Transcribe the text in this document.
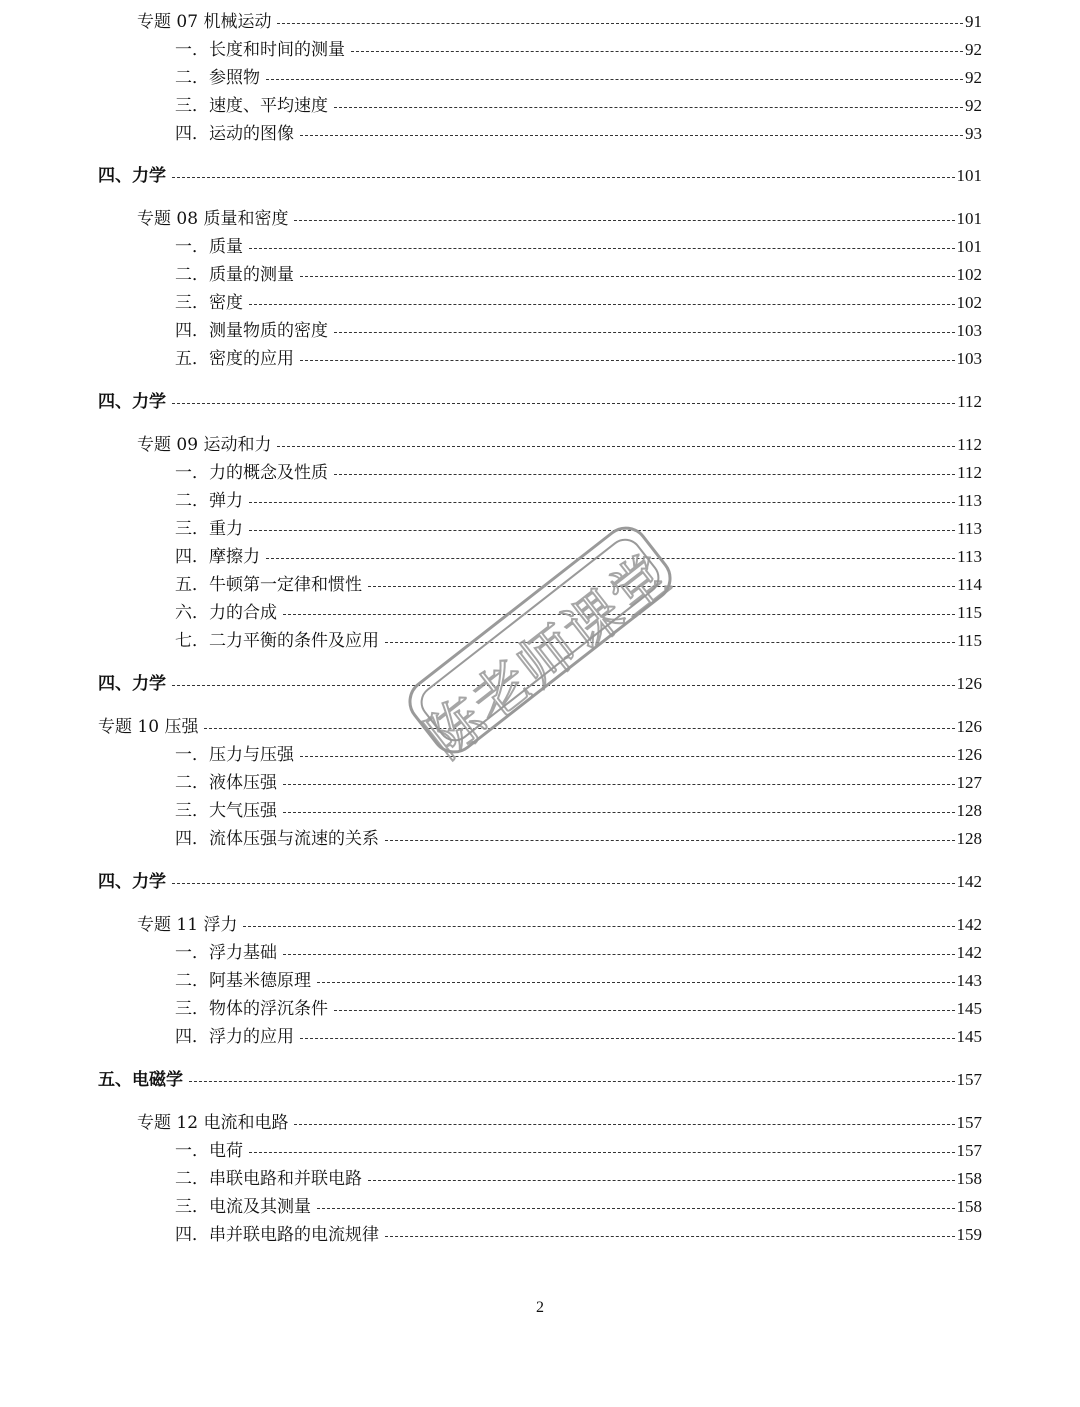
专题 07 机械运动	91
一．长度和时间的测量	92
二．参照物	92
三．速度、平均速度	92
四．运动的图像	93
四、力学	101
专题 08 质量和密度	101
一．质量	101
二．质量的测量	102
三．密度	102
四．测量物质的密度	103
五．密度的应用	103
四、力学	112
专题 09 运动和力	112
一．力的概念及性质	112
二．弹力	113
三．重力	113
四．摩擦力	113
五．牛顿第一定律和惯性	114
六．力的合成	115
七．二力平衡的条件及应用	115
四、力学	126
专题 10 压强	126
一．压力与压强	126
二．液体压强	127
三．大气压强	128
四．流体压强与流速的关系	128
四、力学	142
专题 11 浮力	142
一．浮力基础	142
二．阿基米德原理	143
三．物体的浮沉条件	145
四．浮力的应用	145
五、电磁学	157
专题 12 电流和电路	157
一．电荷	157
二．串联电路和并联电路	158
三．电流及其测量	158
四．串并联电路的电流规律	159
2
陈老师课堂
